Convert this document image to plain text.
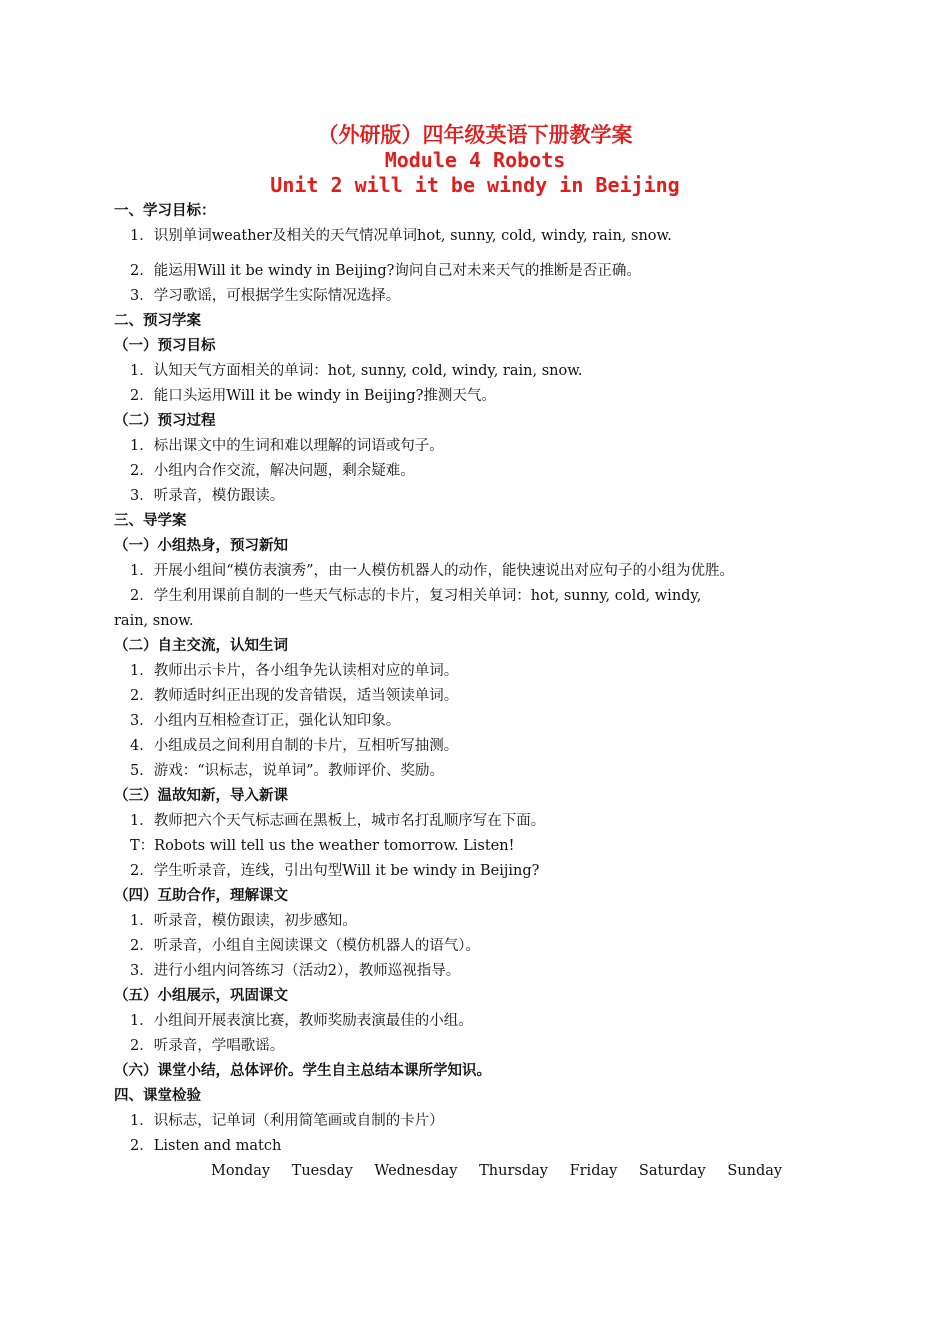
（外研版）四年级英语下册教学案
Module 4 Robots
Unit 2 will it be windy in Beijing
一、学习目标：
1．识别单词weather及相关的天气情况单词hot, sunny, cold, windy, rain, snow.
2．能运用Will it be windy in Beijing?询问自己对未来天气的推断是否正确。
3．学习歌谣，可根据学生实际情况选择。
二、预习学案
（一）预习目标
1．认知天气方面相关的单词：hot, sunny, cold, windy, rain, snow.
2．能口头运用Will it be windy in Beijing?推测天气。
（二）预习过程
1．标出课文中的生词和难以理解的词语或句子。
2．小组内合作交流，解决问题，剩余疑难。
3．听录音，模仿跟读。
三、导学案
（一）小组热身，预习新知
1．开展小组间“模仿表演秀”，由一人模仿机器人的动作，能快速说出对应句子的小组为优胜。
2．学生利用课前自制的一些天气标志的卡片，复习相关单词：hot, sunny, cold, windy,
rain, snow.
（二）自主交流，认知生词
1．教师出示卡片，各小组争先认读相对应的单词。
2．教师适时纠正出现的发音错误，适当领读单词。
3．小组内互相检查订正，强化认知印象。
4．小组成员之间利用自制的卡片，互相听写抽测。
5．游戏：“识标志，说单词”。教师评价、奖励。
（三）温故知新，导入新课
1．教师把六个天气标志画在黑板上，城市名打乱顺序写在下面。
T：Robots will tell us the weather tomorrow. Listen!
2．学生听录音，连线，引出句型Will it be windy in Beijing?
（四）互助合作，理解课文
1．听录音，模仿跟读，初步感知。
2．听录音，小组自主阅读课文（模仿机器人的语气）。
3．进行小组内问答练习（活动2），教师巡视指导。
（五）小组展示，巩固课文
1．小组间开展表演比赛，教师奖励表演最佳的小组。
2．听录音，学唱歌谣。
（六）课堂小结，总体评价。学生自主总结本课所学知识。
四、课堂检验
1．识标志，记单词（利用简笔画或自制的卡片）
2．Listen and match
Monday Tuesday Wednesday Thursday Friday Saturday Sunday
